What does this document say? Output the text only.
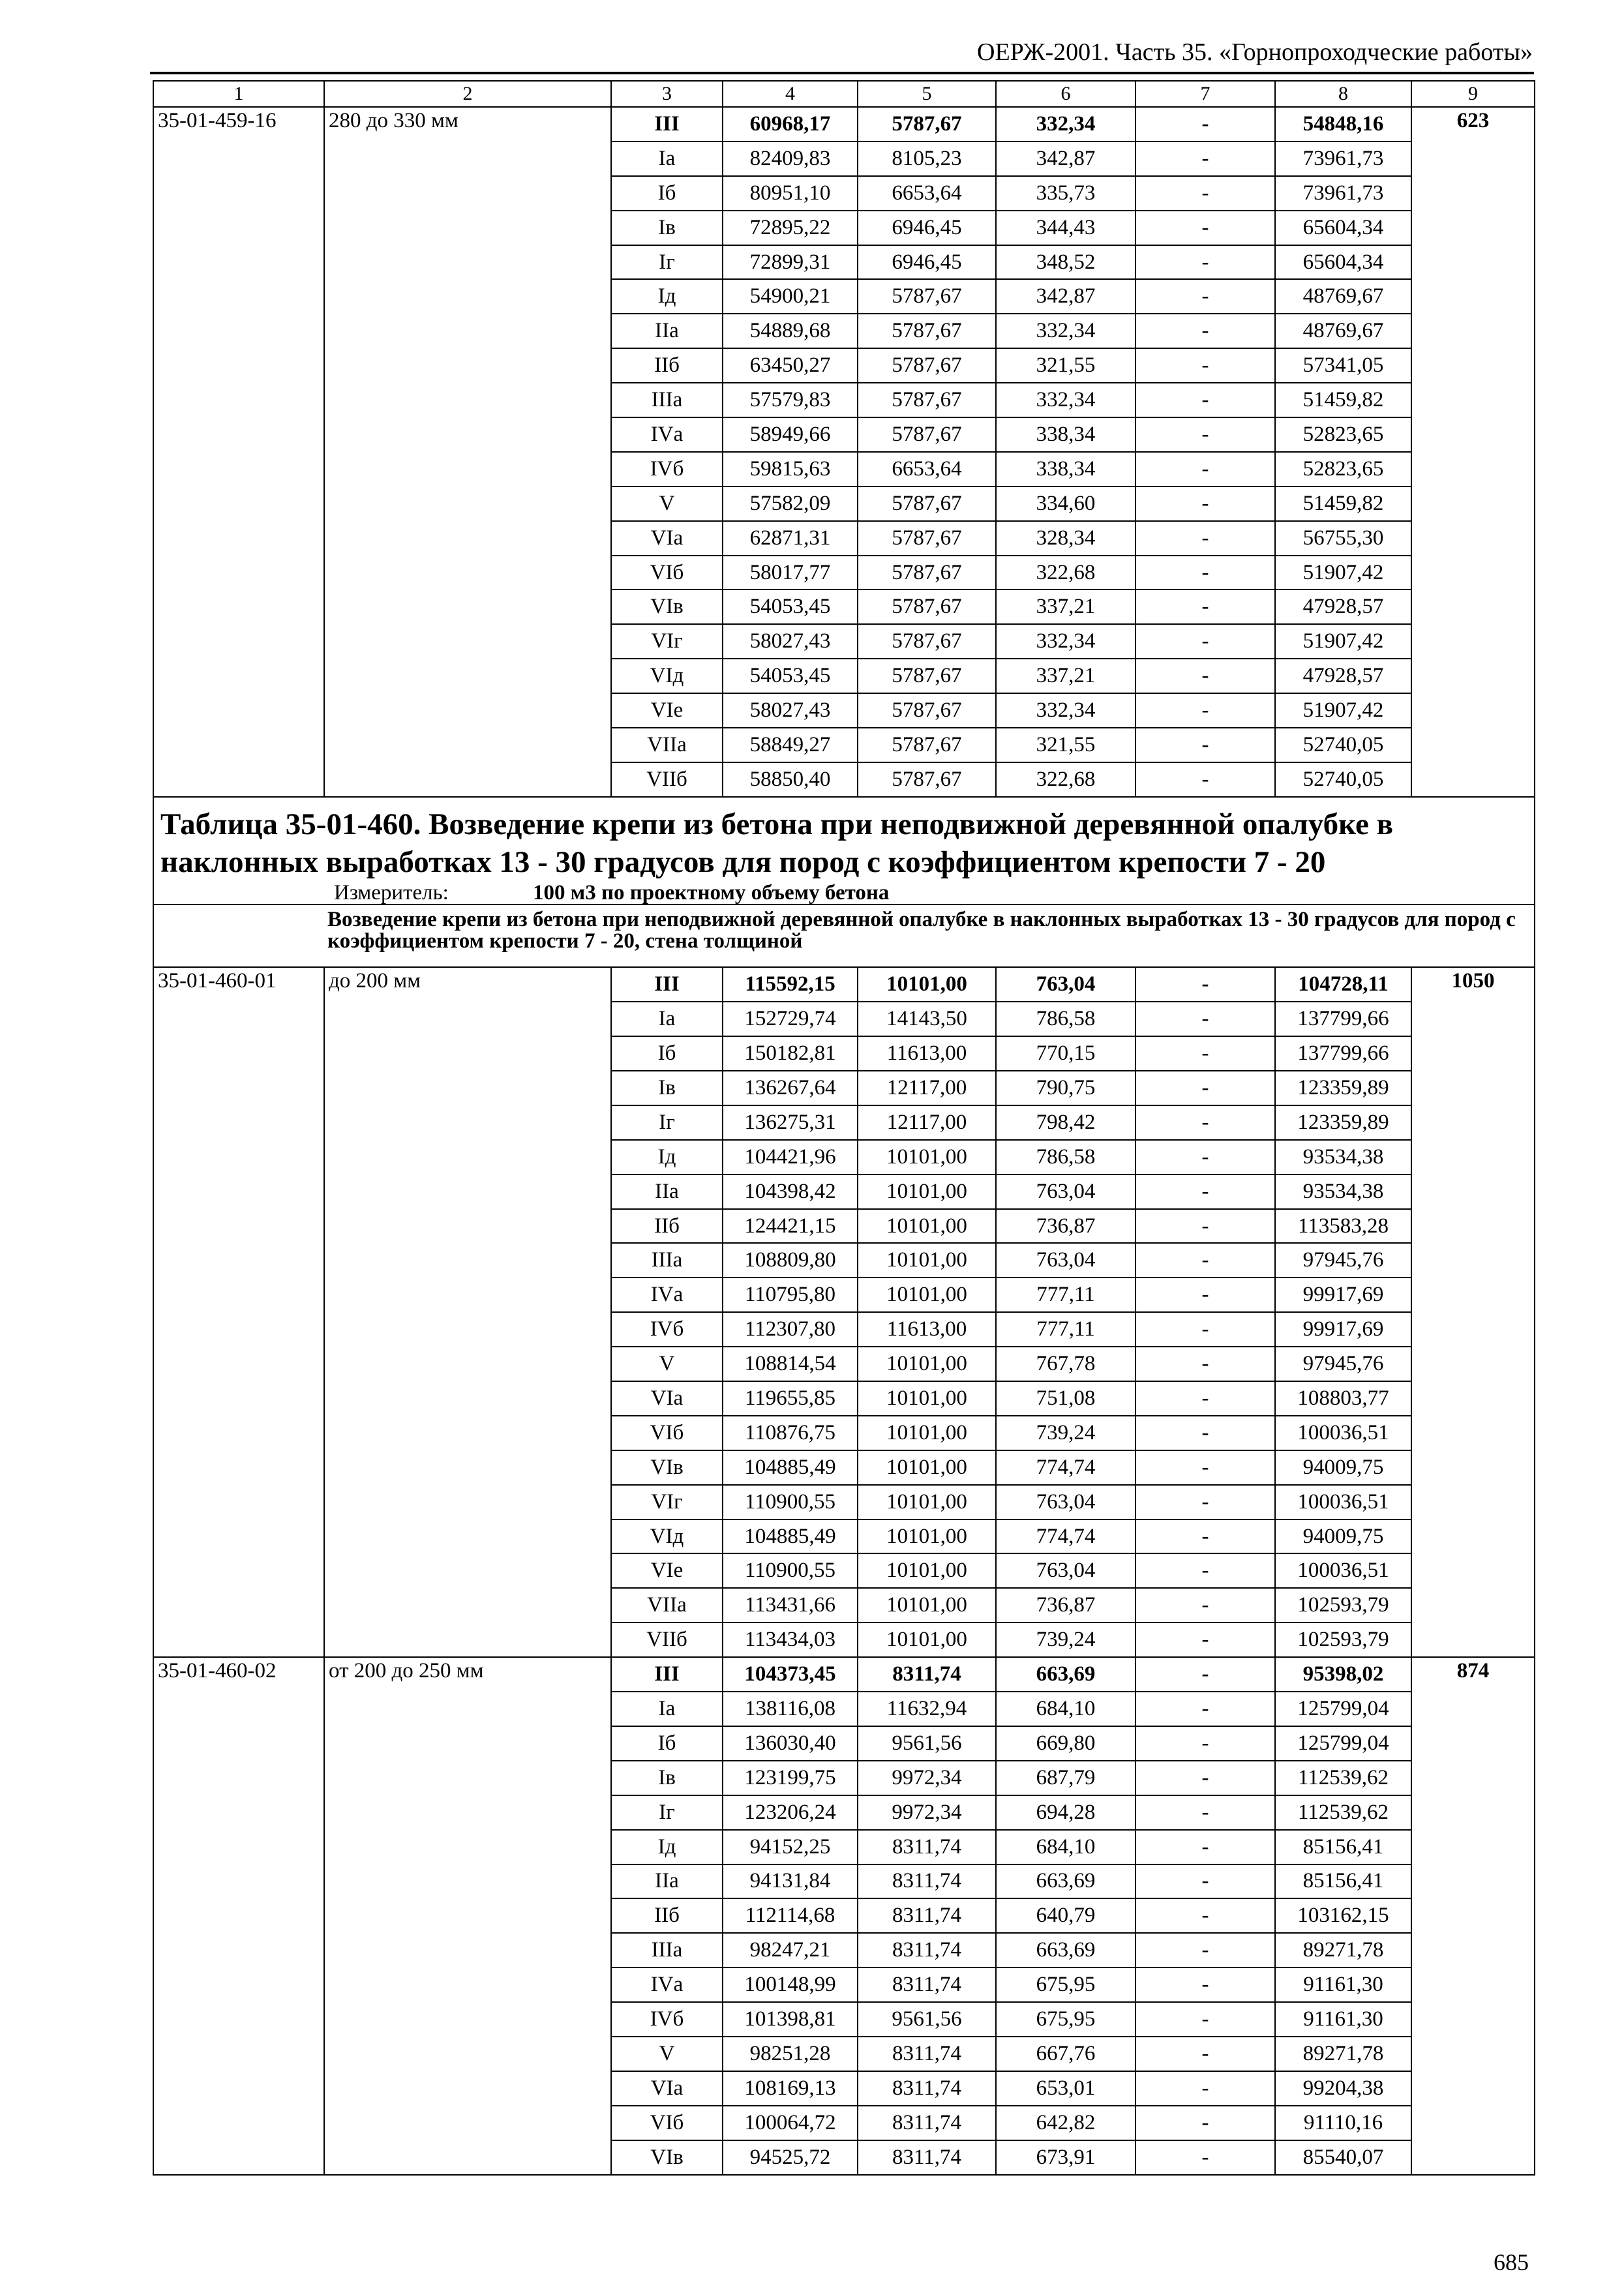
ОЕРЖ-2001. Часть 35. «Горнопроходческие работы»
1	2	3	4	5	6	7	8	9
35-01-459-16	280 до 330 мм	III	60968,17	5787,67	332,34	-	54848,16	623
		Iа	82409,83	8105,23	342,87	-	73961,73	
		Iб	80951,10	6653,64	335,73	-	73961,73	
		Iв	72895,22	6946,45	344,43	-	65604,34	
		Iг	72899,31	6946,45	348,52	-	65604,34	
		Iд	54900,21	5787,67	342,87	-	48769,67	
		IIа	54889,68	5787,67	332,34	-	48769,67	
		IIб	63450,27	5787,67	321,55	-	57341,05	
		IIIа	57579,83	5787,67	332,34	-	51459,82	
		IVа	58949,66	5787,67	338,34	-	52823,65	
		IVб	59815,63	6653,64	338,34	-	52823,65	
		V	57582,09	5787,67	334,60	-	51459,82	
		VIа	62871,31	5787,67	328,34	-	56755,30	
		VIб	58017,77	5787,67	322,68	-	51907,42	
		VIв	54053,45	5787,67	337,21	-	47928,57	
		VIг	58027,43	5787,67	332,34	-	51907,42	
		VIд	54053,45	5787,67	337,21	-	47928,57	
		VIе	58027,43	5787,67	332,34	-	51907,42	
		VIIа	58849,27	5787,67	321,55	-	52740,05	
		VIIб	58850,40	5787,67	322,68	-	52740,05	

Таблица 35-01-460. Возведение крепи из бетона при неподвижной деревянной опалубке в наклонных выработках 13 - 30 градусов для пород с коэффициентом крепости 7 - 20
Измеритель: 100 м3 по проектному объему бетона								

Возведение крепи из бетона при неподвижной деревянной опалубке в наклонных выработках 13 - 30 градусов для пород с коэффициентом крепости 7 - 20, стена толщиной								
35-01-460-01	до 200 мм	III	115592,15	10101,00	763,04	-	104728,11	1050
		Iа	152729,74	14143,50	786,58	-	137799,66	
		Iб	150182,81	11613,00	770,15	-	137799,66	
		Iв	136267,64	12117,00	790,75	-	123359,89	
		Iг	136275,31	12117,00	798,42	-	123359,89	
		Iд	104421,96	10101,00	786,58	-	93534,38	
		IIа	104398,42	10101,00	763,04	-	93534,38	
		IIб	124421,15	10101,00	736,87	-	113583,28	
		IIIа	108809,80	10101,00	763,04	-	97945,76	
		IVа	110795,80	10101,00	777,11	-	99917,69	
		IVб	112307,80	11613,00	777,11	-	99917,69	
		V	108814,54	10101,00	767,78	-	97945,76	
		VIа	119655,85	10101,00	751,08	-	108803,77	
		VIб	110876,75	10101,00	739,24	-	100036,51	
		VIв	104885,49	10101,00	774,74	-	94009,75	
		VIг	110900,55	10101,00	763,04	-	100036,51	
		VIд	104885,49	10101,00	774,74	-	94009,75	
		VIе	110900,55	10101,00	763,04	-	100036,51	
		VIIа	113431,66	10101,00	736,87	-	102593,79	
		VIIб	113434,03	10101,00	739,24	-	102593,79	
35-01-460-02	от 200 до 250 мм	III	104373,45	8311,74	663,69	-	95398,02	874
		Iа	138116,08	11632,94	684,10	-	125799,04	
		Iб	136030,40	9561,56	669,80	-	125799,04	
		Iв	123199,75	9972,34	687,79	-	112539,62	
		Iг	123206,24	9972,34	694,28	-	112539,62	
		Iд	94152,25	8311,74	684,10	-	85156,41	
		IIа	94131,84	8311,74	663,69	-	85156,41	
		IIб	112114,68	8311,74	640,79	-	103162,15	
		IIIа	98247,21	8311,74	663,69	-	89271,78	
		IVа	100148,99	8311,74	675,95	-	91161,30	
		IVб	101398,81	9561,56	675,95	-	91161,30	
		V	98251,28	8311,74	667,76	-	89271,78	
		VIа	108169,13	8311,74	653,01	-	99204,38	
		VIб	100064,72	8311,74	642,82	-	91110,16	
		VIв	94525,72	8311,74	673,91	-	85540,07	
685
